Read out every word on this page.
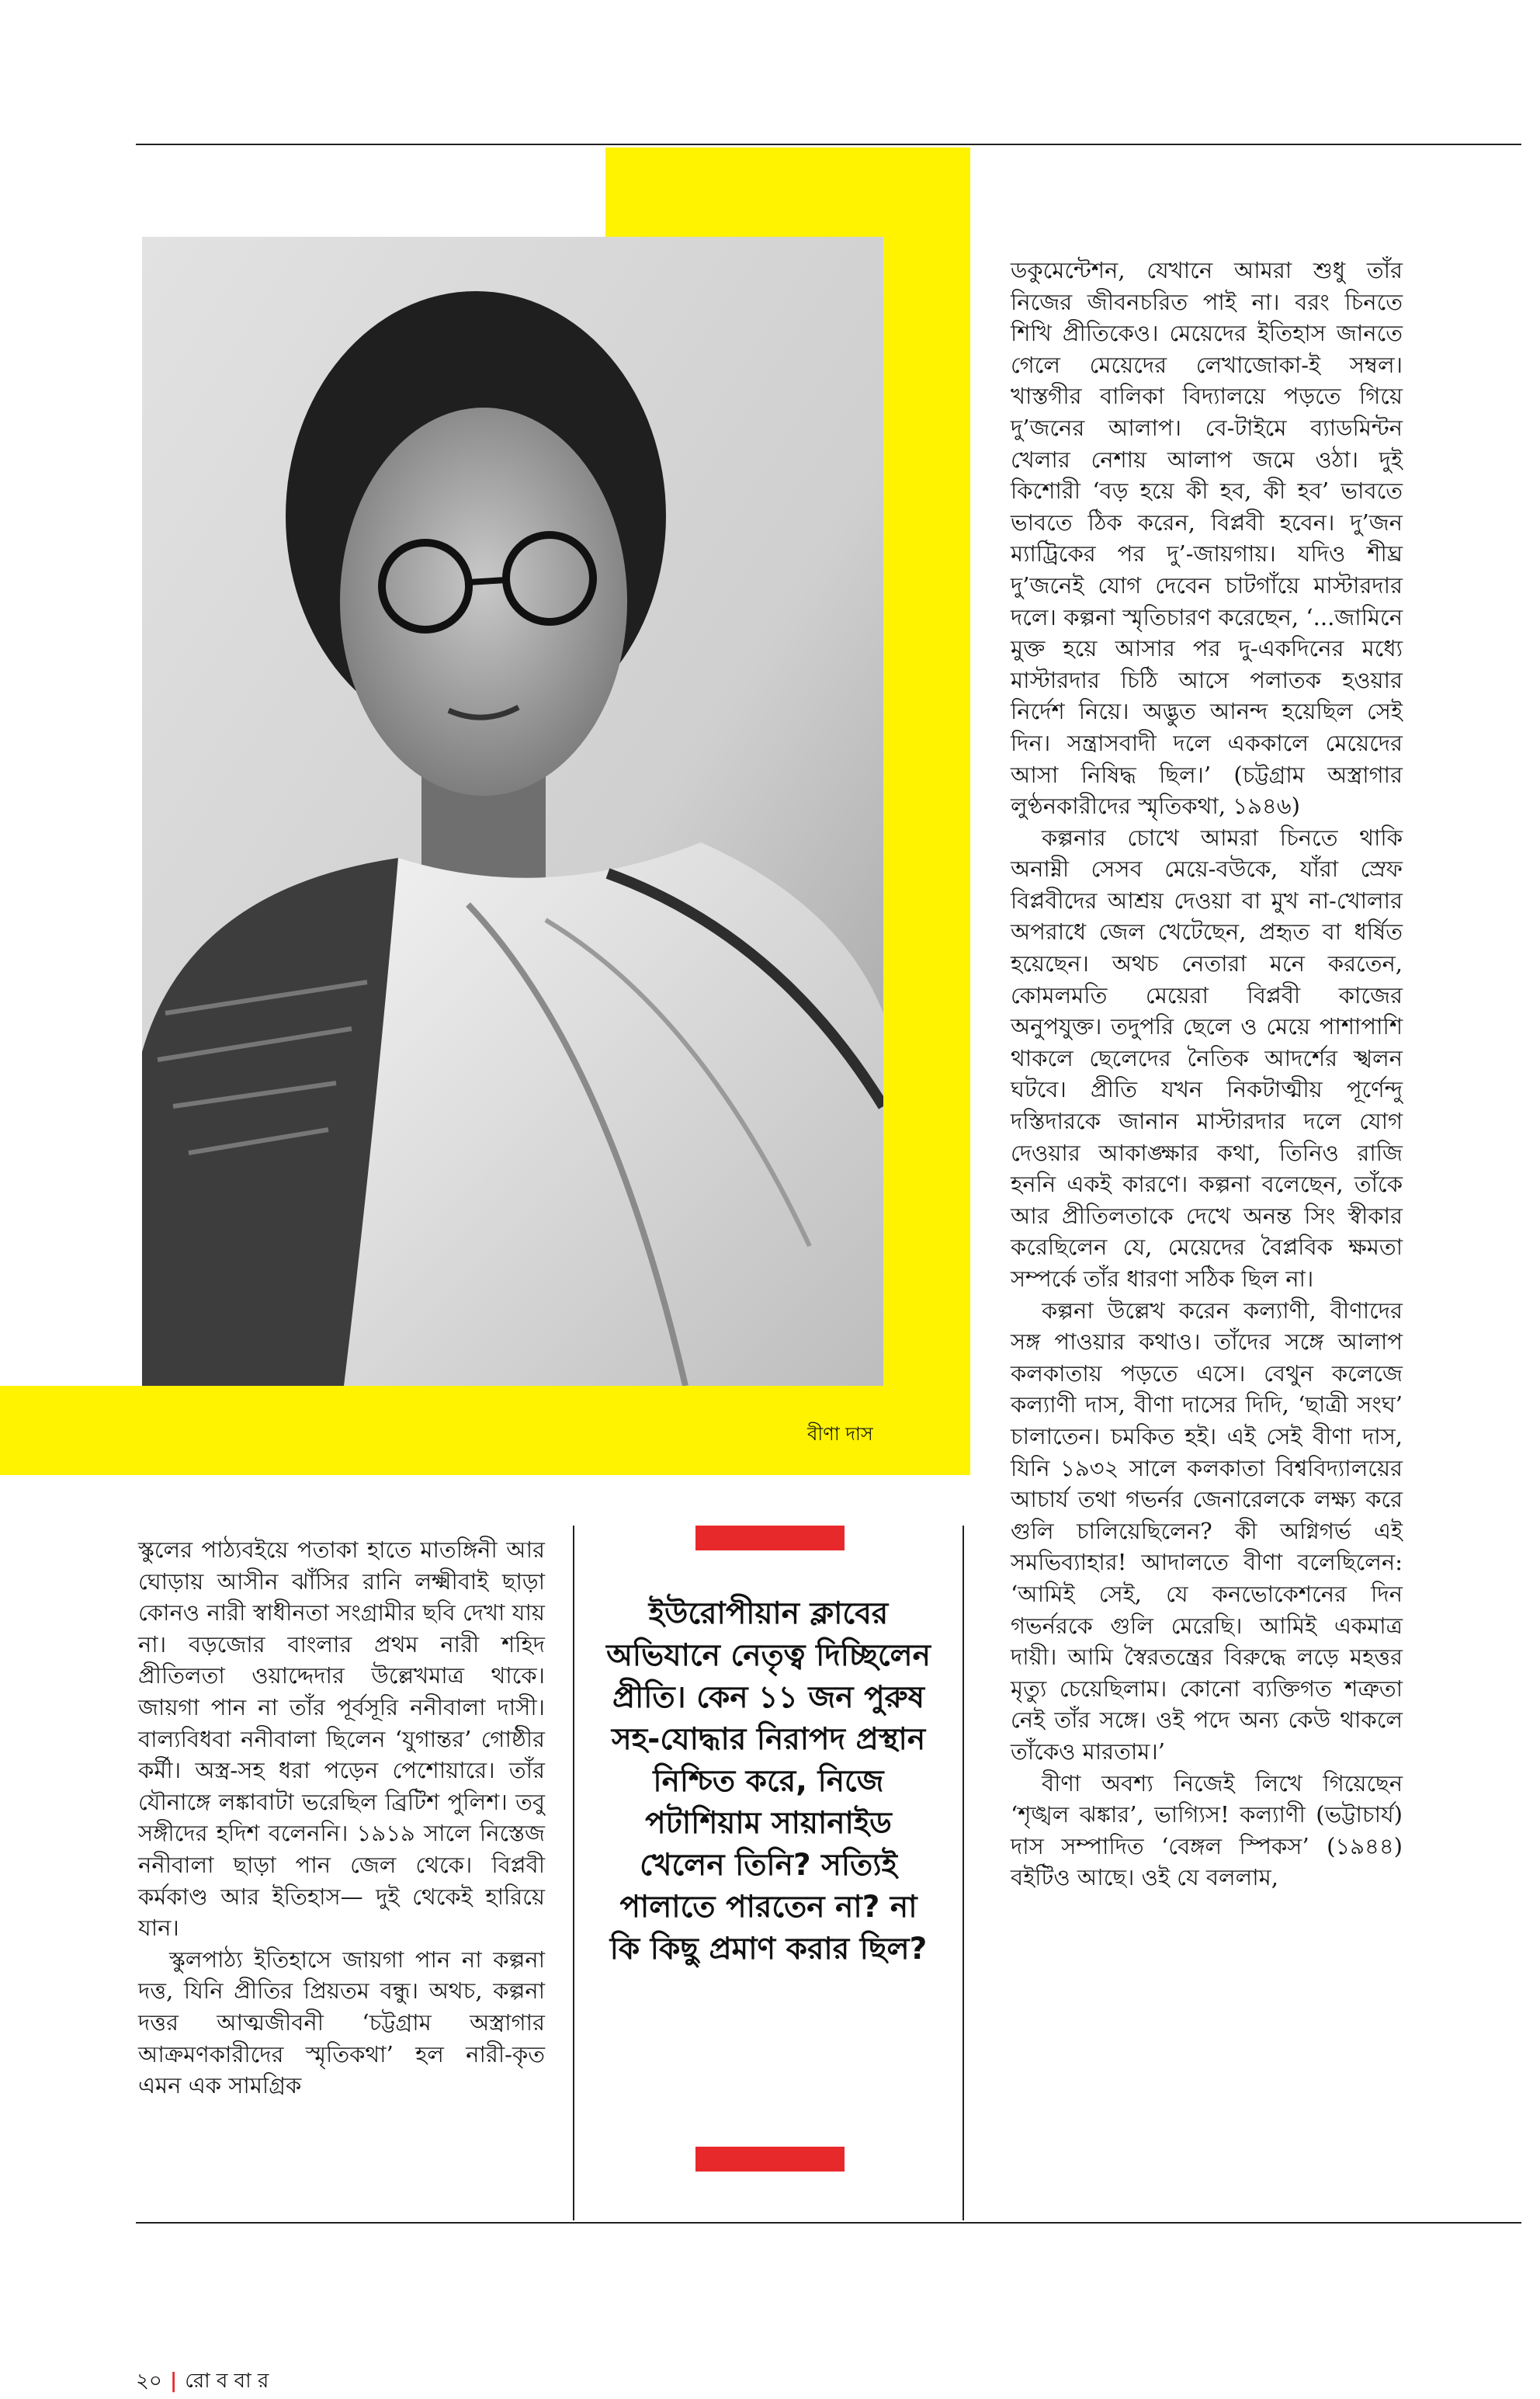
বীণা দাস

ডকুমেন্টেশন, যেখানে আমরা শুধু তাঁর নিজের জীবনচরিত পাই না। বরং চিনতে শিখি প্রীতিকেও। মেয়েদের ইতিহাস জানতে গেলে মেয়েদের লেখাজোকা-ই সম্বল। খাস্তগীর বালিকা বিদ্যালয়ে পড়তে গিয়ে দু’জনের আলাপ। বে-টাইমে ব্যাডমিন্টন খেলার নেশায় আলাপ জমে ওঠা। দুই কিশোরী ‘বড় হয়ে কী হব, কী হব’ ভাবতে ভাবতে ঠিক করেন, বিপ্লবী হবেন। দু’জন ম্যাট্রিকের পর দু’-জায়গায়। যদিও শীঘ্র দু’জনেই যোগ দেবেন চাটগাঁয়ে মাস্টারদার দলে। কল্পনা স্মৃতিচারণ করেছেন, ‘...জামিনে মুক্ত হয়ে আসার পর দু-একদিনের মধ্যে মাস্টারদার চিঠি আসে পলাতক হওয়ার নির্দেশ নিয়ে। অদ্ভুত আনন্দ হয়েছিল সেই দিন। সন্ত্রাসবাদী দলে এককালে মেয়েদের আসা নিষিদ্ধ ছিল।’ (চট্টগ্রাম অস্ত্রাগার লুণ্ঠনকারীদের স্মৃতিকথা, ১৯৪৬)

কল্পনার চোখে আমরা চিনতে থাকি অনাম্নী সেসব মেয়ে-বউকে, যাঁরা স্রেফ বিপ্লবীদের আশ্রয় দেওয়া বা মুখ না-খোলার অপরাধে জেল খেটেছেন, প্রহৃত বা ধর্ষিত হয়েছেন। অথচ নেতারা মনে করতেন, কোমলমতি মেয়েরা বিপ্লবী কাজের অনুপযুক্ত। তদুপরি ছেলে ও মেয়ে পাশাপাশি থাকলে ছেলেদের নৈতিক আদর্শের স্খলন ঘটবে। প্রীতি যখন নিকটাত্মীয় পূর্ণেন্দু দস্তিদারকে জানান মাস্টারদার দলে যোগ দেওয়ার আকাঙ্ক্ষার কথা, তিনিও রাজি হননি একই কারণে। কল্পনা বলেছেন, তাঁকে আর প্রীতিলতাকে দেখে অনন্ত সিং স্বীকার করেছিলেন যে, মেয়েদের বৈপ্লবিক ক্ষমতা সম্পর্কে তাঁর ধারণা সঠিক ছিল না।

কল্পনা উল্লেখ করেন কল্যাণী, বীণাদের সঙ্গ পাওয়ার কথাও। তাঁদের সঙ্গে আলাপ কলকাতায় পড়তে এসে। বেথুন কলেজে কল্যাণী দাস, বীণা দাসের দিদি, ‘ছাত্রী সংঘ’ চালাতেন। চমকিত হই। এই সেই বীণা দাস, যিনি ১৯৩২ সালে কলকাতা বিশ্ববিদ্যালয়ের আচার্য তথা গভর্নর জেনারেলকে লক্ষ্য করে গুলি চালিয়েছিলেন? কী অগ্নিগর্ভ এই সমভিব্যাহার! আদালতে বীণা বলেছিলেন: ‘আমিই সেই, যে কনভোকেশনের দিন গভর্নরকে গুলি মেরেছি। আমিই একমাত্র দায়ী। আমি স্বৈরতন্ত্রের বিরুদ্ধে লড়ে মহত্তর মৃত্যু চেয়েছিলাম। কোনো ব্যক্তিগত শত্রুতা নেই তাঁর সঙ্গে। ওই পদে অন্য কেউ থাকলে তাঁকেও মারতাম।’

বীণা অবশ্য নিজেই লিখে গিয়েছেন ‘শৃঙ্খল ঝঙ্কার’, ভাগ্যিস! কল্যাণী (ভট্টাচার্য) দাস সম্পাদিত ‘বেঙ্গল স্পিকস’ (১৯৪৪) বইটিও আছে। ওই যে বললাম,

স্কুলের পাঠ্যবইয়ে পতাকা হাতে মাতঙ্গিনী আর ঘোড়ায় আসীন ঝাঁসির রানি লক্ষ্মীবাই ছাড়া কোনও নারী স্বাধীনতা সংগ্রামীর ছবি দেখা যায় না। বড়জোর বাংলার প্রথম নারী শহিদ প্রীতিলতা ওয়াদ্দেদার উল্লেখমাত্র থাকে। জায়গা পান না তাঁর পূর্বসূরি ননীবালা দাসী। বাল্যবিধবা ননীবালা ছিলেন ‘যুগান্তর’ গোষ্ঠীর কর্মী। অস্ত্র-সহ ধরা পড়েন পেশোয়ারে। তাঁর যৌনাঙ্গে লঙ্কাবাটা ভরেছিল ব্রিটিশ পুলিশ। তবু সঙ্গীদের হদিশ বলেননি। ১৯১৯ সালে নিস্তেজ ননীবালা ছাড়া পান জেল থেকে। বিপ্লবী কর্মকাণ্ড আর ইতিহাস— দুই থেকেই হারিয়ে যান।

স্কুলপাঠ্য ইতিহাসে জায়গা পান না কল্পনা দত্ত, যিনি প্রীতির প্রিয়তম বন্ধু। অথচ, কল্পনা দত্তর আত্মজীবনী ‘চট্টগ্রাম অস্ত্রাগার আক্রমণকারীদের স্মৃতিকথা’ হল নারী-কৃত এমন এক সামগ্রিক

ইউরোপীয়ান ক্লাবের অভিযানে নেতৃত্ব দিচ্ছিলেন প্রীতি। কেন ১১ জন পুরুষ সহ-যোদ্ধার নিরাপদ প্রস্থান নিশ্চিত করে, নিজে পটাশিয়াম সায়ানাইড খেলেন তিনি? সত্যিই পালাতে পারতেন না? না কি কিছু প্রমাণ করার ছিল?
২০ | রো ব বা র
